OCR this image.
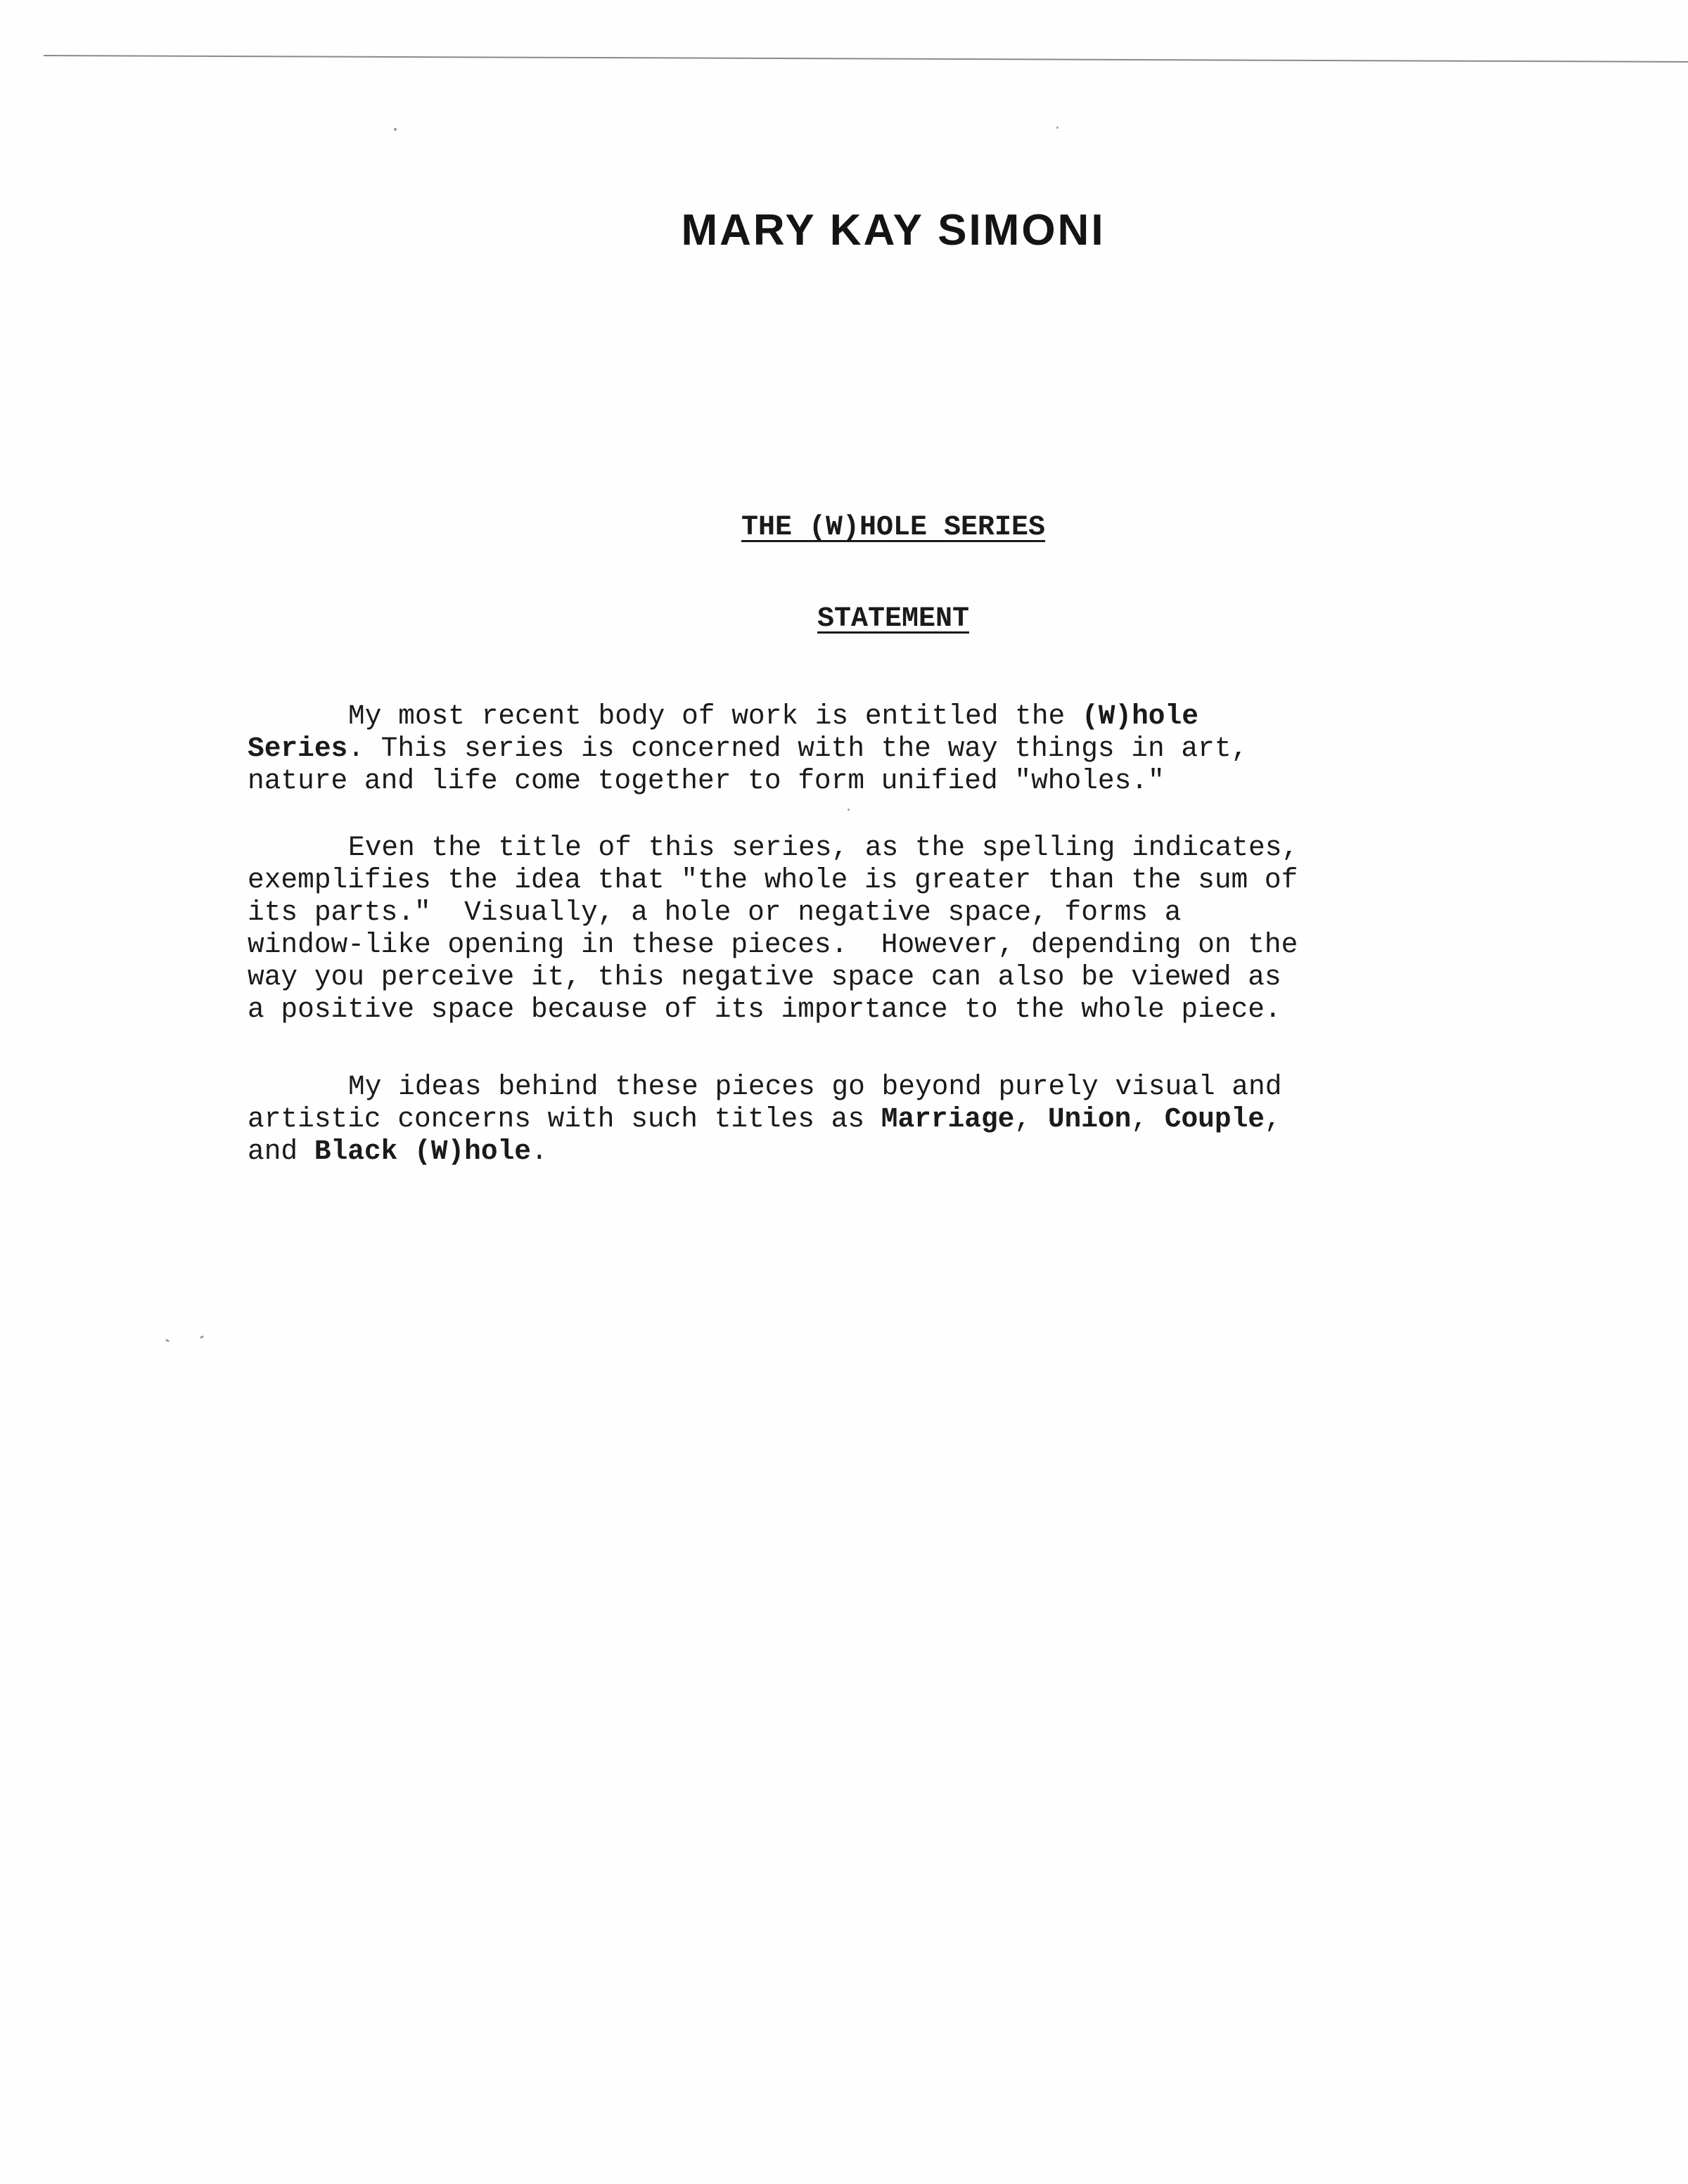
MARY KAY SIMONI
THE (W)HOLE SERIES
STATEMENT
My most recent body of work is entitled the (W)hole
Series. This series is concerned with the way things in art,
nature and life come together to form unified "wholes."
Even the title of this series, as the spelling indicates,
exemplifies the idea that "the whole is greater than the sum of
its parts."  Visually, a hole or negative space, forms a
window-like opening in these pieces.  However, depending on the
way you perceive it, this negative space can also be viewed as
a positive space because of its importance to the whole piece.
My ideas behind these pieces go beyond purely visual and
artistic concerns with such titles as Marriage, Union, Couple,
and Black (W)hole.
